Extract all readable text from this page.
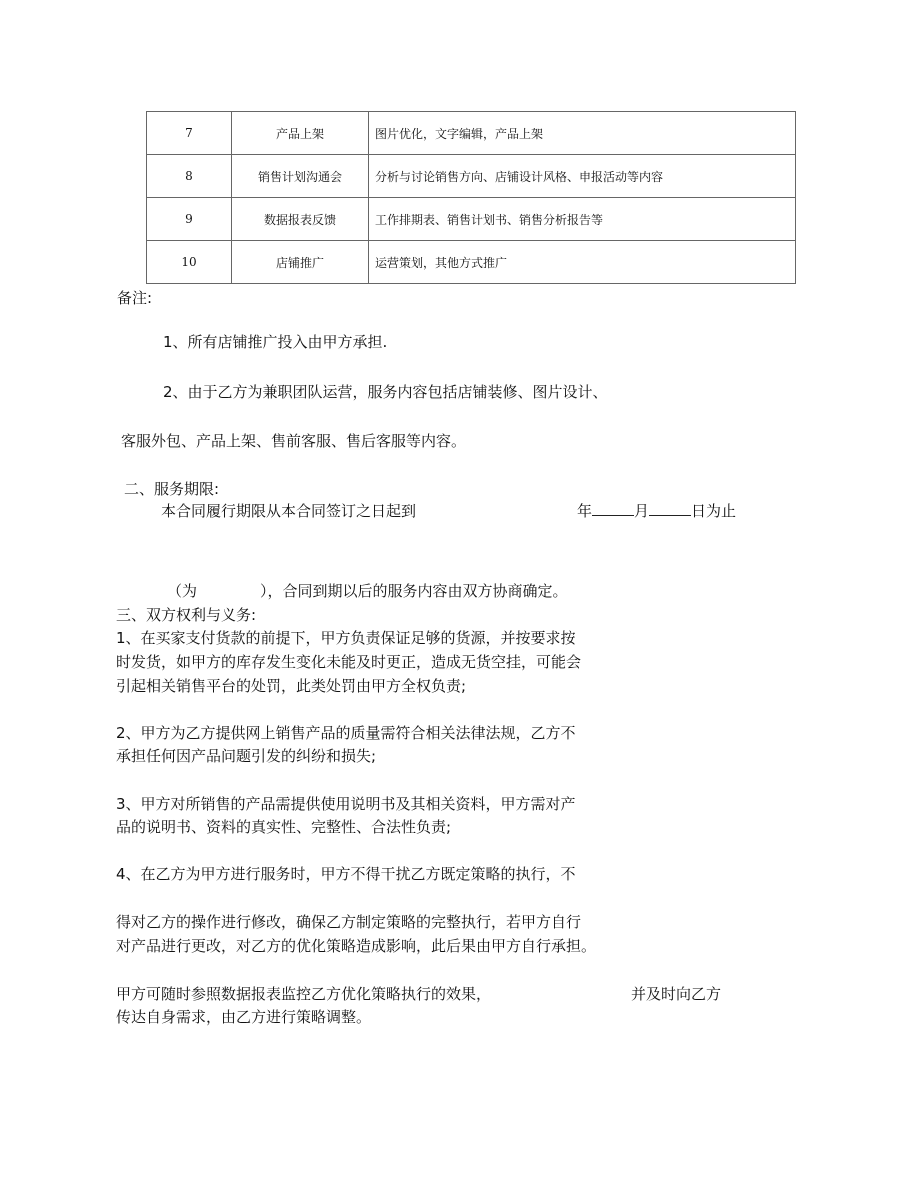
7	产品上架	图片优化，文字编辑，产品上架
8	销售计划沟通会	分析与讨论销售方向、店铺设计风格、申报活动等内容
9	数据报表反馈	工作排期表、销售计划书、销售分析报告等
10	店铺推广	运营策划，其他方式推广
备注:
1、所有店铺推广投入由甲方承担.
2、由于乙方为兼职团队运营，服务内容包括店铺装修、图片设计、
客服外包、产品上架、售前客服、售后客服等内容。
二、服务期限:
本合同履行期限从本合同签订之日起到	年	月	日为止
（为	），合同到期以后的服务内容由双方协商确定。
三、双方权利与义务:
1、在买家支付货款的前提下，甲方负责保证足够的货源，并按要求按
时发货，如甲方的库存发生变化未能及时更正，造成无货空挂，可能会
引起相关销售平台的处罚，此类处罚由甲方全权负责;
2、甲方为乙方提供网上销售产品的质量需符合相关法律法规，乙方不
承担任何因产品问题引发的纠纷和损失;
3、甲方对所销售的产品需提供使用说明书及其相关资料，甲方需对产
品的说明书、资料的真实性、完整性、合法性负责;
4、在乙方为甲方进行服务时，甲方不得干扰乙方既定策略的执行，不
得对乙方的操作进行修改，确保乙方制定策略的完整执行，若甲方自行
对产品进行更改，对乙方的优化策略造成影响，此后果由甲方自行承担。
甲方可随时参照数据报表监控乙方优化策略执行的效果，	并及时向乙方
传达自身需求，由乙方进行策略调整。
